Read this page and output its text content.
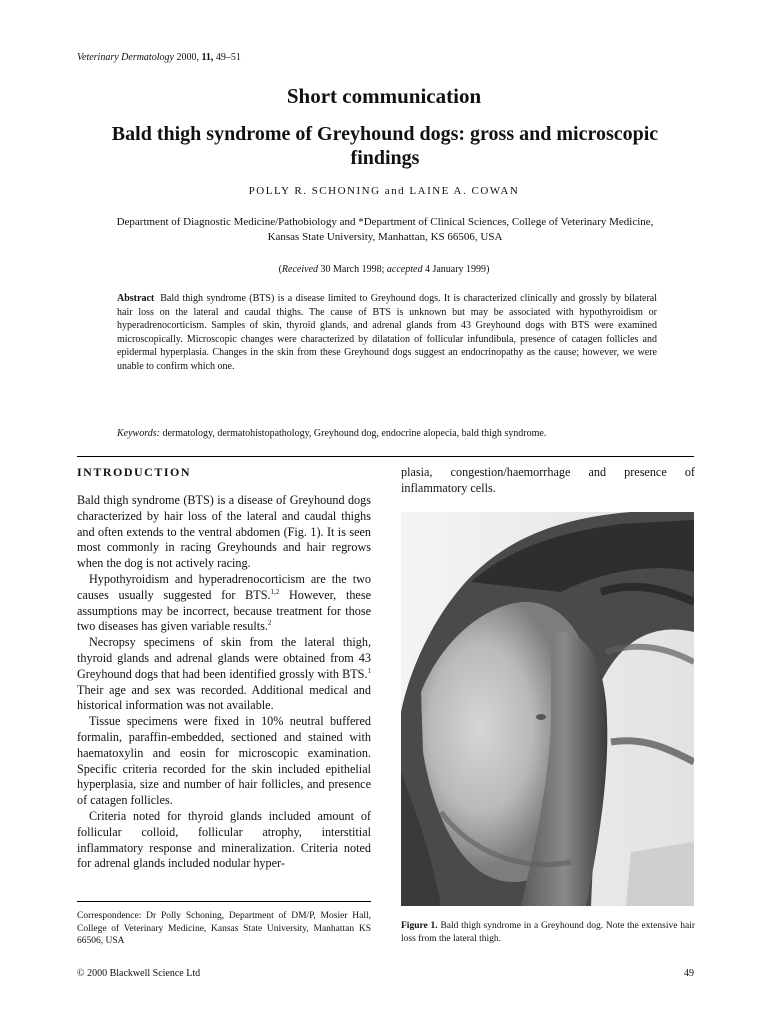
Veterinary Dermatology 2000, 11, 49–51
Short communication
Bald thigh syndrome of Greyhound dogs: gross and microscopic findings
POLLY R. SCHONING and LAINE A. COWAN
Department of Diagnostic Medicine/Pathobiology and *Department of Clinical Sciences, College of Veterinary Medicine, Kansas State University, Manhattan, KS 66506, USA
(Received 30 March 1998; accepted 4 January 1999)
Abstract Bald thigh syndrome (BTS) is a disease limited to Greyhound dogs. It is characterized clinically and grossly by bilateral hair loss on the lateral and caudal thighs. The cause of BTS is unknown but may be associated with hypothyroidism or hyperadrenocorticism. Samples of skin, thyroid glands, and adrenal glands from 43 Greyhound dogs with BTS were examined microscopically. Microscopic changes were characterized by dilatation of follicular infundibula, presence of catagen follicles and epidermal hyperplasia. Changes in the skin from these Greyhound dogs suggest an endocrinopathy as the cause; however, we were unable to confirm which one.
Keywords: dermatology, dermatohistopathology, Greyhound dog, endocrine alopecia, bald thigh syndrome.
INTRODUCTION

Bald thigh syndrome (BTS) is a disease of Greyhound dogs characterized by hair loss of the lateral and caudal thighs and often extends to the ventral abdomen (Fig. 1). It is seen most commonly in racing Greyhounds and hair regrows when the dog is not actively racing.

Hypothyroidism and hyperadrenocorticism are the two causes usually suggested for BTS.$^{1,2}$ However, these assumptions may be incorrect, because treatment for those two diseases has given variable results.$^2$

Necropsy specimens of skin from the lateral thigh, thyroid glands and adrenal glands were obtained from 43 Greyhound dogs that had been identified grossly with BTS.$^1$ Their age and sex was recorded. Additional medical and historical information was not available.

Tissue specimens were fixed in 10% neutral buffered formalin, paraffin-embedded, sectioned and stained with haematoxylin and eosin for microscopic examination. Specific criteria recorded for the skin included epithelial hyperplasia, size and number of hair follicles, and presence of catagen follicles.

Criteria noted for thyroid glands included amount of follicular colloid, follicular atrophy, interstitial inflammatory response and mineralization. Criteria noted for adrenal glands included nodular hyper-

plasia, congestion/haemorrhage and presence of inflammatory cells.
Figure 1. Bald thigh syndrome in a Greyhound dog. Note the extensive hair loss from the lateral thigh.
Correspondence: Dr Polly Schoning, Department of DM/P, Mosier Hall, College of Veterinary Medicine, Kansas State University, Manhattan KS 66506, USA
© 2000 Blackwell Science Ltd	49
